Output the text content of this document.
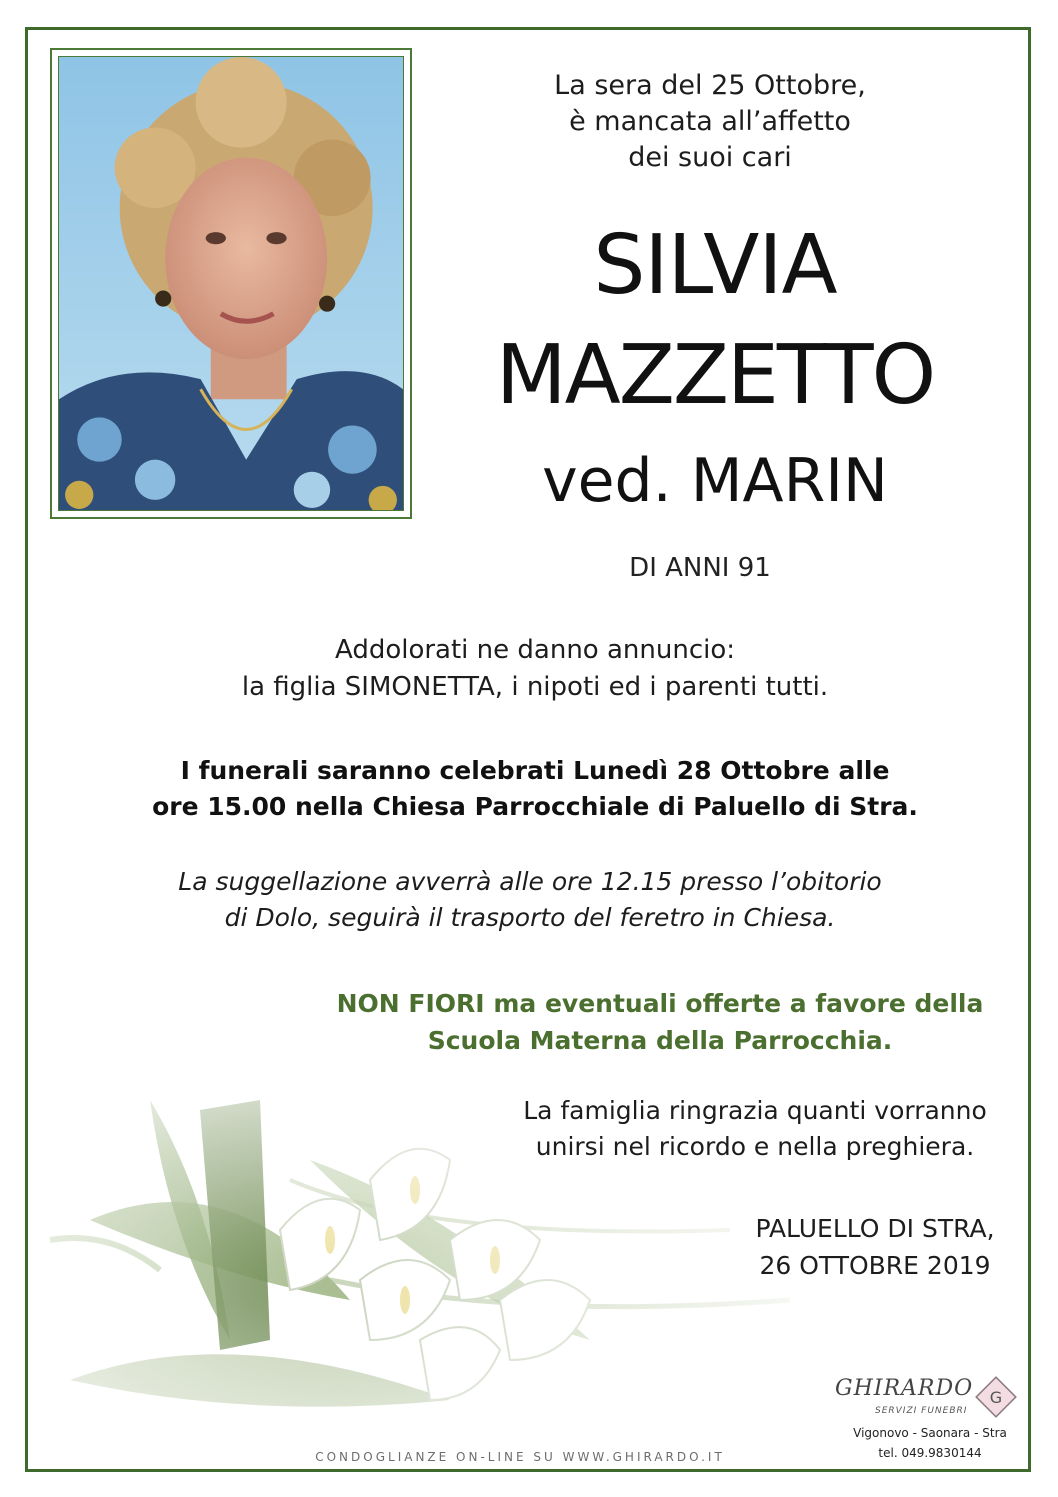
La sera del 25 Ottobre,
è mancata all’affetto
dei suoi cari

SILVIA

MAZZETTO

ved. MARIN

DI ANNI 91

Addolorati ne danno annuncio:
la figlia SIMONETTA, i nipoti ed i parenti tutti.

I funerali saranno celebrati Lunedì 28 Ottobre alle
ore 15.00 nella Chiesa Parrocchiale di Paluello di Stra.

La suggellazione avverrà alle ore 12.15 presso l’obitorio
di Dolo, seguirà il trasporto del feretro in Chiesa.

NON FIORI ma eventuali offerte a favore della
Scuola Materna della Parrocchia.

La famiglia ringrazia quanti vorranno
unirsi nel ricordo e nella preghiera.

PALUELLO DI STRA,
26 OTTOBRE 2019

GHIRARDO
SERVIZI FUNEBRI
G
Vigonovo - Saonara - Stra
tel. 049.9830144
CONDOGLIANZE ON-LINE SU WWW.GHIRARDO.IT
